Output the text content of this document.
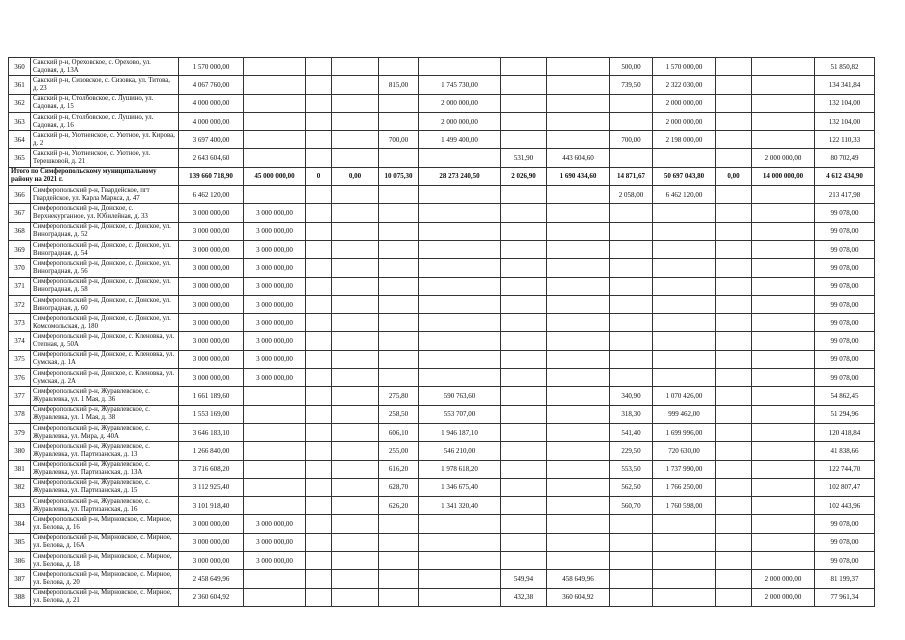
360	Сакский р-н, Ореховское, с. Орехово, ул. Садовая, д. 13А	1 570 000,00								500,00	1 570 000,00			51 850,82
361	Сакский р-н, Сизовское, с. Сизовка, ул. Титова, д. 23	4 067 760,00				815,00	1 745 730,00			739,50	2 322 030,00			134 341,84
362	Сакский р-н, Столбовское, с. Лушино, ул. Садовая, д. 15	4 000 000,00					2 000 000,00				2 000 000,00			132 104,00
363	Сакский р-н, Столбовское, с. Лушино, ул. Садовая, д. 16	4 000 000,00					2 000 000,00				2 000 000,00			132 104,00
364	Сакский р-н, Уютненское, с. Уютное, ул. Кирова, д. 2	3 697 400,00				700,00	1 499 400,00			700,00	2 198 000,00			122 110,33
365	Сакский р-н, Уютненское, с. Уютное, ул. Терешковой, д. 21	2 643 604,60						531,90	443 604,60				2 000 000,00	80 702,49
Итого по Симферопольскому муниципальному району на 2021 г.		139 660 718,90	45 000 000,00	0	0,00	10 075,30	28 273 240,50	2 026,90	1 690 434,60	14 871,67	50 697 043,80	0,00	14 000 000,00	4 612 434,90
366	Симферопольский р-н, Гвардейское, пгт Гвардейское, ул. Карла Маркса, д. 47	6 462 120,00								2 058,00	6 462 120,00			213 417,98
367	Симферопольский р-н, Донское, с. Верхнекурганное, ул. Юбилейная, д. 33	3 000 000,00	3 000 000,00											99 078,00
368	Симферопольский р-н, Донское, с. Донское, ул. Виноградная, д. 52	3 000 000,00	3 000 000,00											99 078,00
369	Симферопольский р-н, Донское, с. Донское, ул. Виноградная, д. 54	3 000 000,00	3 000 000,00											99 078,00
370	Симферопольский р-н, Донское, с. Донское, ул. Виноградная, д. 56	3 000 000,00	3 000 000,00											99 078,00
371	Симферопольский р-н, Донское, с. Донское, ул. Виноградная, д. 58	3 000 000,00	3 000 000,00											99 078,00
372	Симферопольский р-н, Донское, с. Донское, ул. Виноградная, д. 60	3 000 000,00	3 000 000,00											99 078,00
373	Симферопольский р-н, Донское, с. Донское, ул. Комсомольская, д. 180	3 000 000,00	3 000 000,00											99 078,00
374	Симферопольский р-н, Донское, с. Кленовка, ул. Степная, д. 50А	3 000 000,00	3 000 000,00											99 078,00
375	Симферопольский р-н, Донское, с. Кленовка, ул. Сумская, д. 1А	3 000 000,00	3 000 000,00											99 078,00
376	Симферопольский р-н, Донское, с. Кленовка, ул. Сумская, д. 2А	3 000 000,00	3 000 000,00											99 078,00
377	Симферопольский р-н, Журавлевское, с. Журавлевка, ул. 1 Мая, д. 36	1 661 189,60				275,80	590 763,60			340,90	1 070 426,00			54 862,45
378	Симферопольский р-н, Журавлевское, с. Журавлевка, ул. 1 Мая, д. 38	1 553 169,00				258,50	553 707,00			318,30	999 462,00			51 294,96
379	Симферопольский р-н, Журавлевское, с. Журавлевка, ул. Мира, д. 40А	3 646 183,10				606,10	1 946 187,10			541,40	1 699 996,00			120 418,84
380	Симферопольский р-н, Журавлевское, с. Журавлевка, ул. Партизанская, д. 13	1 266 840,00				255,00	546 210,00			229,50	720 630,00			41 838,66
381	Симферопольский р-н, Журавлевское, с. Журавлевка, ул. Партизанская, д. 13А	3 716 608,20				616,20	1 978 618,20			553,50	1 737 990,00			122 744,70
382	Симферопольский р-н, Журавлевское, с. Журавлевка, ул. Партизанская, д. 15	3 112 925,40				628,70	1 346 675,40			562,50	1 766 250,00			102 807,47
383	Симферопольский р-н, Журавлевское, с. Журавлевка, ул. Партизанская, д. 16	3 101 918,40				626,20	1 341 320,40			560,70	1 760 598,00			102 443,96
384	Симферопольский р-н, Мирновское, с. Мирное, ул. Белова, д. 16	3 000 000,00	3 000 000,00											99 078,00
385	Симферопольский р-н, Мирновское, с. Мирное, ул. Белова, д. 16А	3 000 000,00	3 000 000,00											99 078,00
386	Симферопольский р-н, Мирновское, с. Мирное, ул. Белова, д. 18	3 000 000,00	3 000 000,00											99 078,00
387	Симферопольский р-н, Мирновское, с. Мирное, ул. Белова, д. 20	2 458 649,96						549,94	458 649,96				2 000 000,00	81 199,37
388	Симферопольский р-н, Мирновское, с. Мирное, ул. Белова, д. 21	2 360 604,92						432,38	360 604,92				2 000 000,00	77 961,34
